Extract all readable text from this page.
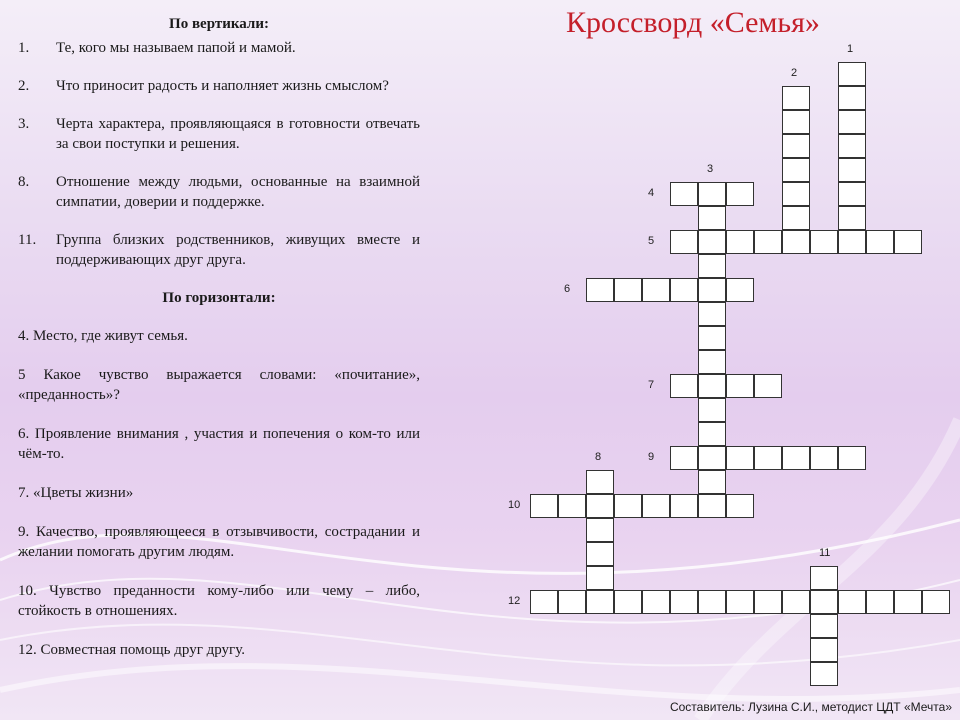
По вертикали:
1.	Те, кого мы называем папой и мамой.
2.	Что приносит радость и наполняет жизнь смыслом?
3.	Черта характера, проявляющаяся в готовности отвечать за свои поступки и решения.
8.	Отношение между людьми, основанные на взаимной симпатии, доверии и поддержке.
11.	Группа близких родственников, живущих вместе и поддерживающих друг друга.
По горизонтали:
4. Место, где живут семья.
5 Какое чувство выражается словами: «почитание», «преданность»?
6. Проявление внимания , участия и попечения о ком-то или чём-то.
7. «Цветы жизни»
9. Качество, проявляющееся в отзывчивости, сострадании и желании помогать другим людям.
10. Чувство преданности кому-либо или чему – либо, стойкость в отношениях.
12. Совместная помощь друг другу.
Кроссворд «Семья»
1
2
3
4
5
6
7
8	9
10
11
12
Составитель: Лузина С.И., методист ЦДТ «Мечта»
